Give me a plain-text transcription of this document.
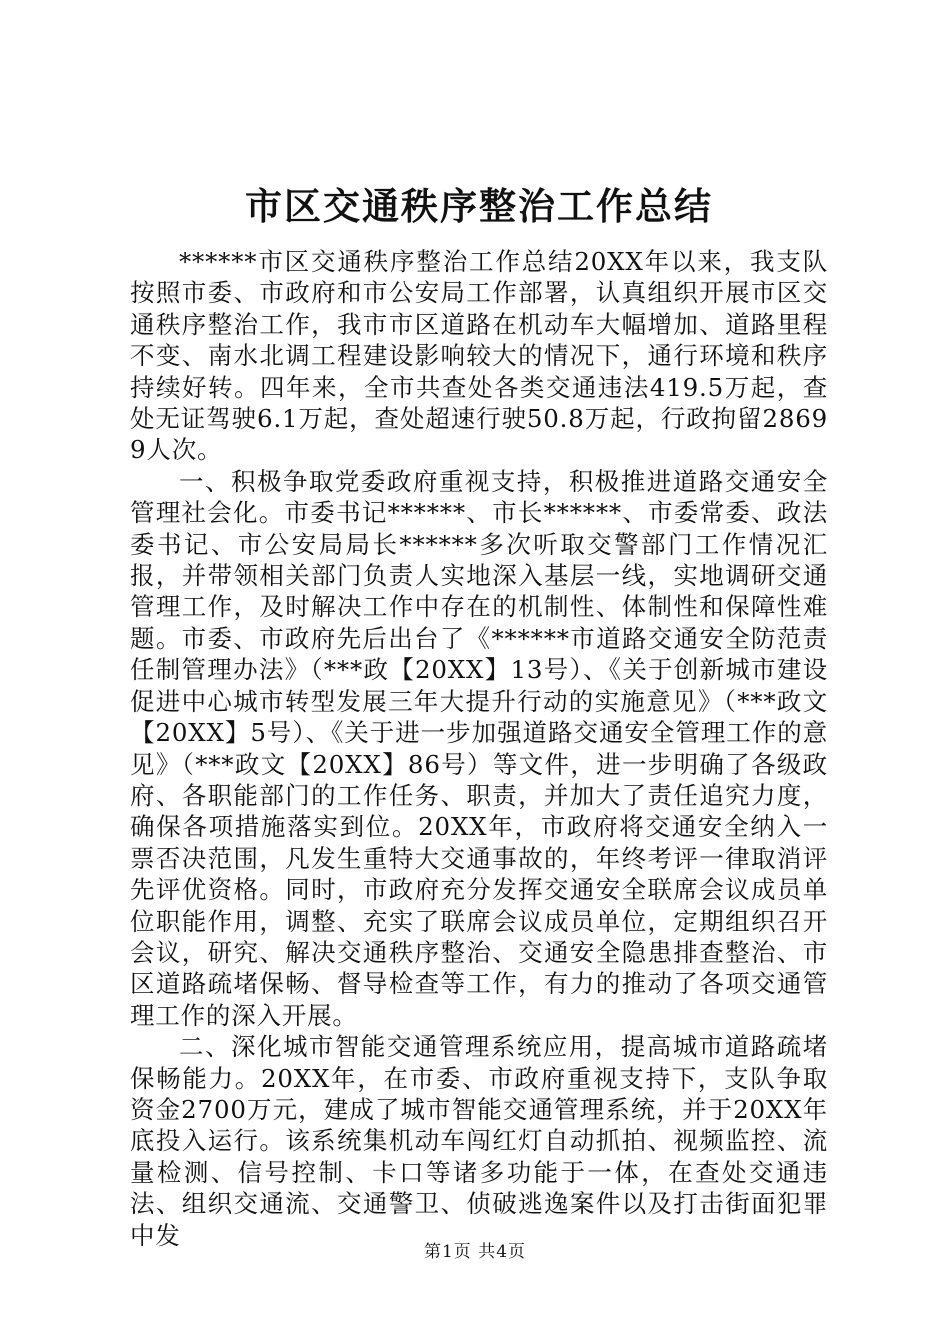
市区交通秩序整治工作总结

******市区交通秩序整治工作总结20XX年以来，我支队按照市委、市政府和市公安局工作部署，认真组织开展市区交通秩序整治工作，我市市区道路在机动车大幅增加、道路里程不变、南水北调工程建设影响较大的情况下，通行环境和秩序持续好转。四年来，全市共查处各类交通违法419.5万起，查处无证驾驶6.1万起，查处超速行驶50.8万起，行政拘留28699人次。

一、积极争取党委政府重视支持，积极推进道路交通安全管理社会化。市委书记******、市长******、市委常委、政法委书记、市公安局局长******多次听取交警部门工作情况汇报，并带领相关部门负责人实地深入基层一线，实地调研交通管理工作，及时解决工作中存在的机制性、体制性和保障性难题。市委、市政府先后出台了《******市道路交通安全防范责任制管理办法》（***政【20XX】13号）、《关于创新城市建设促进中心城市转型发展三年大提升行动的实施意见》（***政文【20XX】5号）、《关于进一步加强道路交通安全管理工作的意见》（***政文【20XX】86号）等文件，进一步明确了各级政府、各职能部门的工作任务、职责，并加大了责任追究力度，确保各项措施落实到位。20XX年，市政府将交通安全纳入一票否决范围，凡发生重特大交通事故的，年终考评一律取消评先评优资格。同时，市政府充分发挥交通安全联席会议成员单位职能作用，调整、充实了联席会议成员单位，定期组织召开会议，研究、解决交通秩序整治、交通安全隐患排查整治、市区道路疏堵保畅、督导检查等工作，有力的推动了各项交通管理工作的深入开展。

二、深化城市智能交通管理系统应用，提高城市道路疏堵保畅能力。20XX年，在市委、市政府重视支持下，支队争取资金2700万元，建成了城市智能交通管理系统，并于20XX年底投入运行。该系统集机动车闯红灯自动抓拍、视频监控、流量检测、信号控制、卡口等诸多功能于一体，在查处交通违法、组织交通流、交通警卫、侦破逃逸案件以及打击街面犯罪中发

第1页 共4页
